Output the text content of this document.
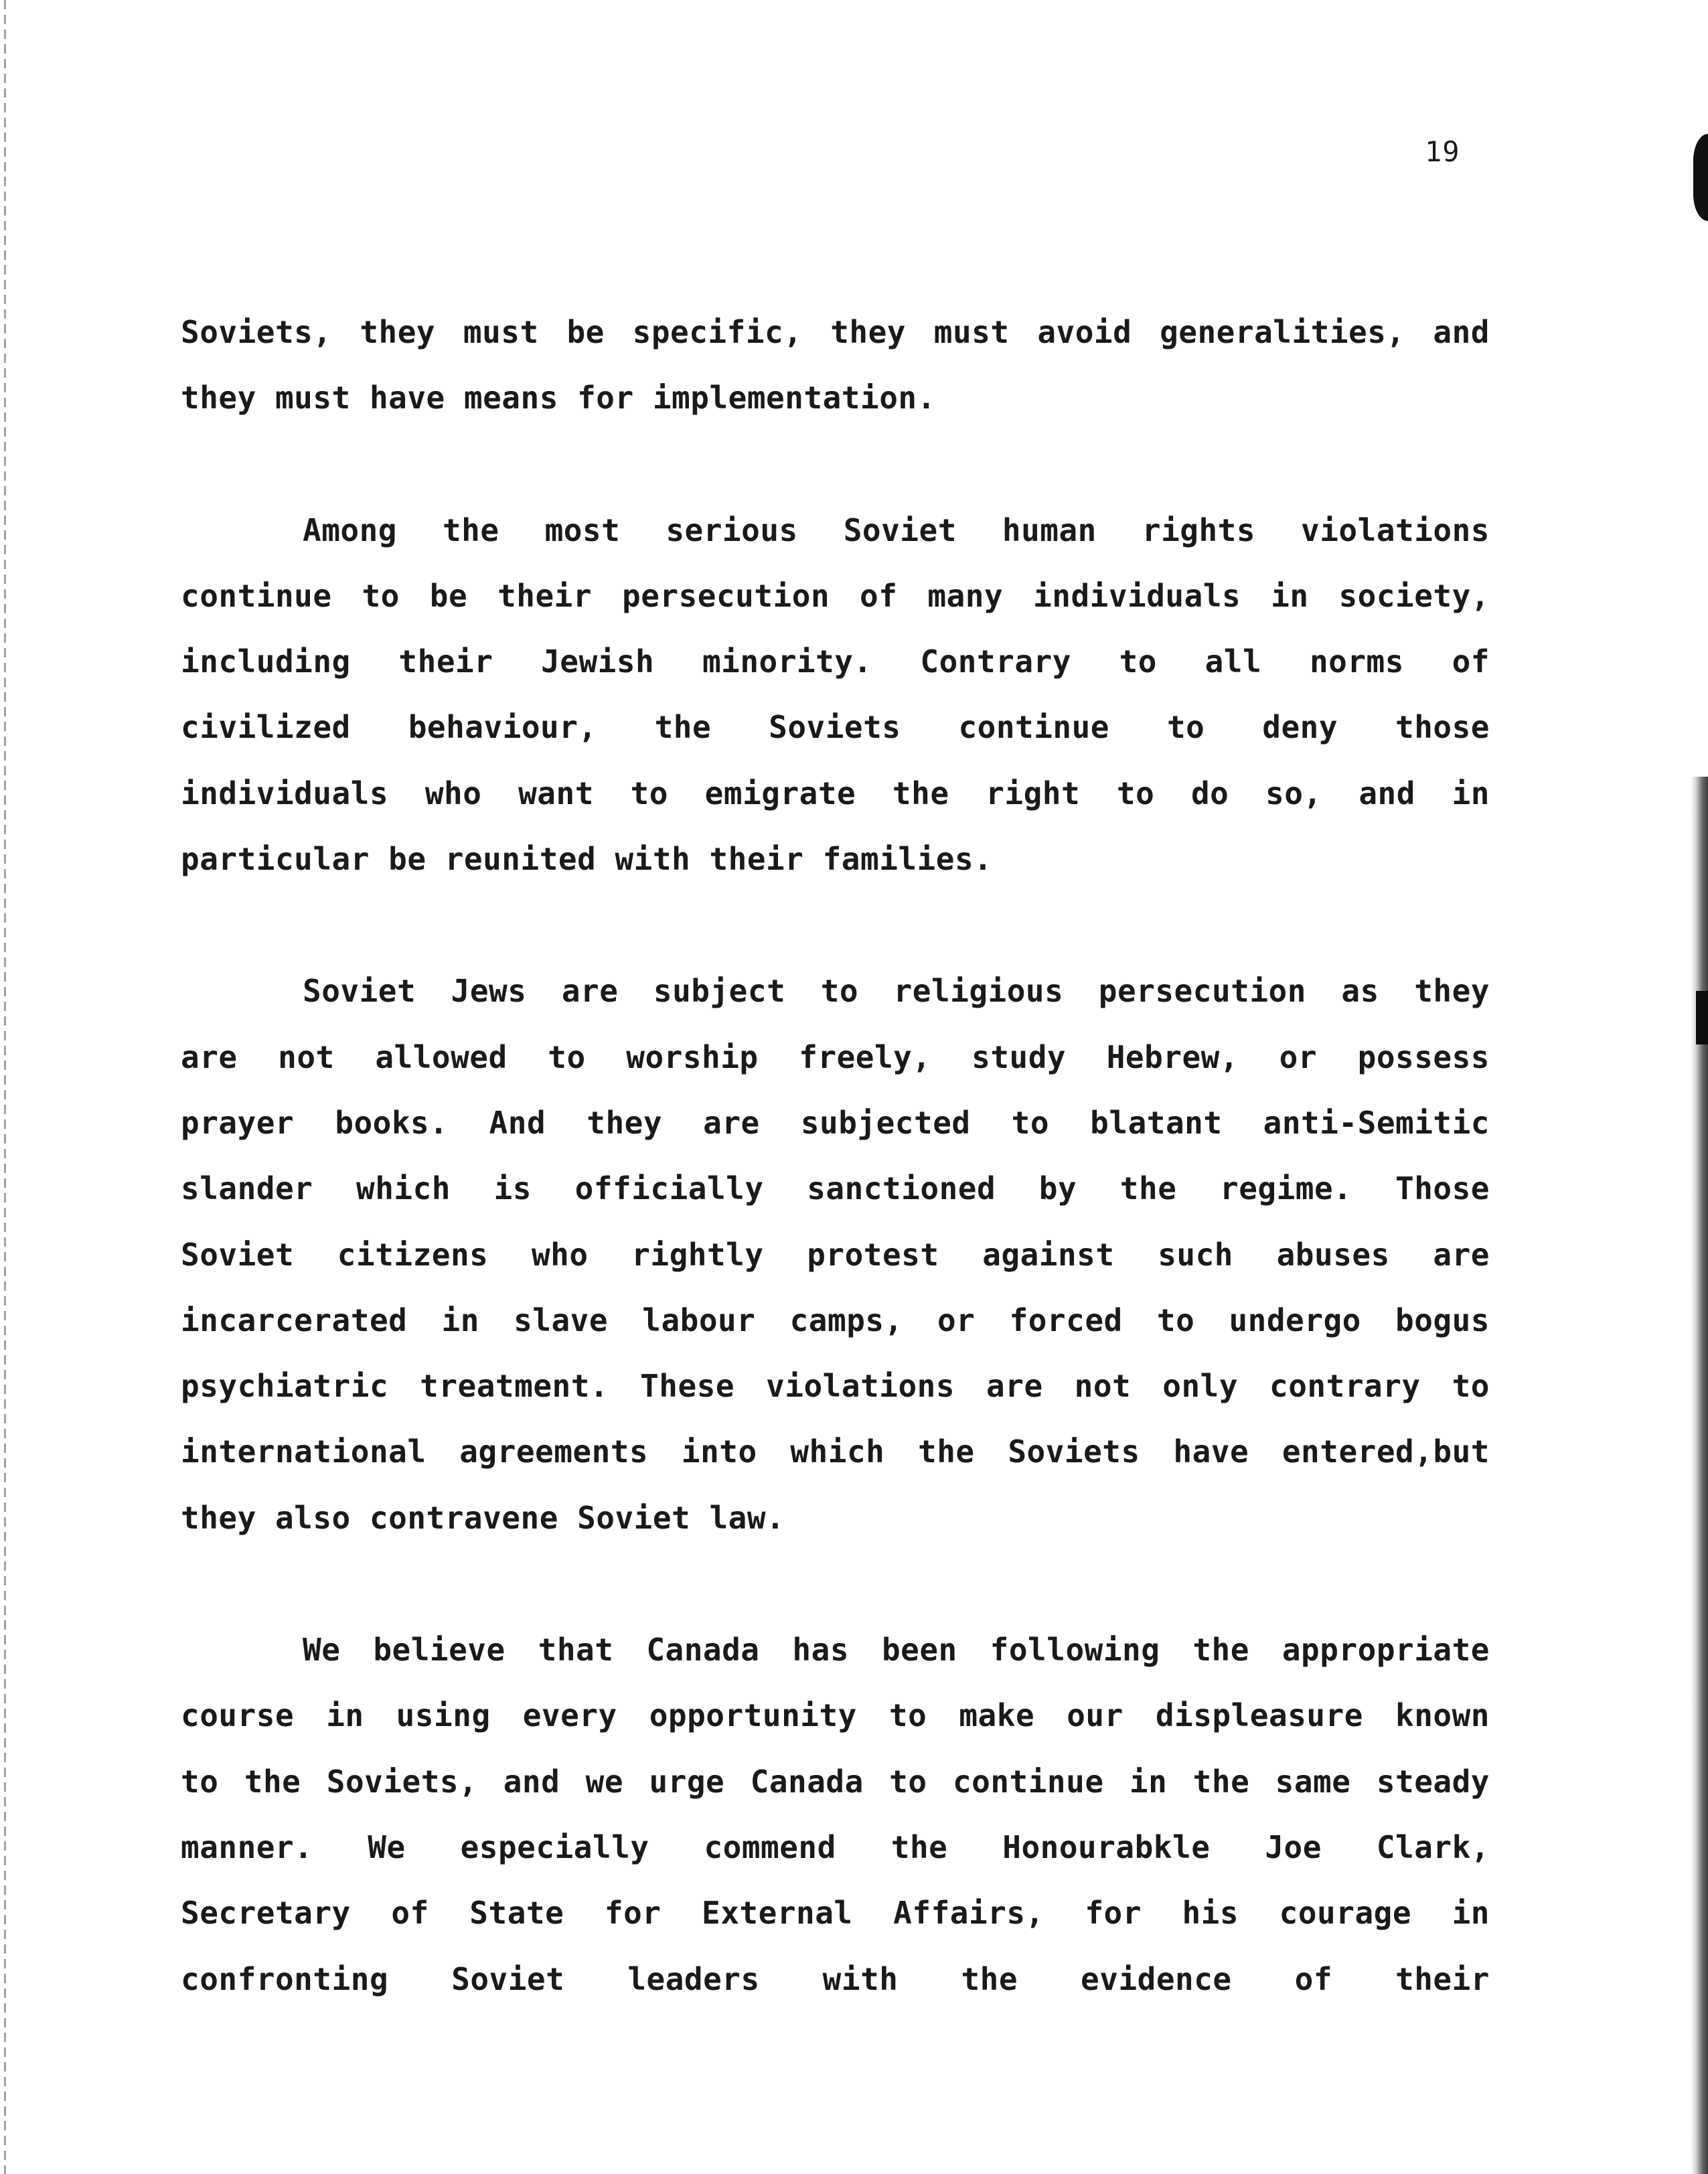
19
Soviets, they must be specific, they must avoid generalities, and
they must have means for implementation.
Among the most serious Soviet human rights violations
continue to be their persecution of many individuals in society,
including their Jewish minority. Contrary to all norms of
civilized behaviour, the Soviets continue to deny those
individuals who want to emigrate the right to do so, and in
particular be reunited with their families.
Soviet Jews are subject to religious persecution as they
are not allowed to worship freely, study Hebrew, or possess
prayer books. And they are subjected to blatant anti-Semitic
slander which is officially sanctioned by the regime. Those
Soviet citizens who rightly protest against such abuses are
incarcerated in slave labour camps, or forced to undergo bogus
psychiatric treatment. These violations are not only contrary to
international agreements into which the Soviets have entered,but
they also contravene Soviet law.
We believe that Canada has been following the appropriate
course in using every opportunity to make our displeasure known
to the Soviets, and we urge Canada to continue in the same steady
manner. We especially commend the Honourabkle Joe Clark,
Secretary of State for External Affairs, for his courage in
confronting Soviet leaders with the evidence of their
